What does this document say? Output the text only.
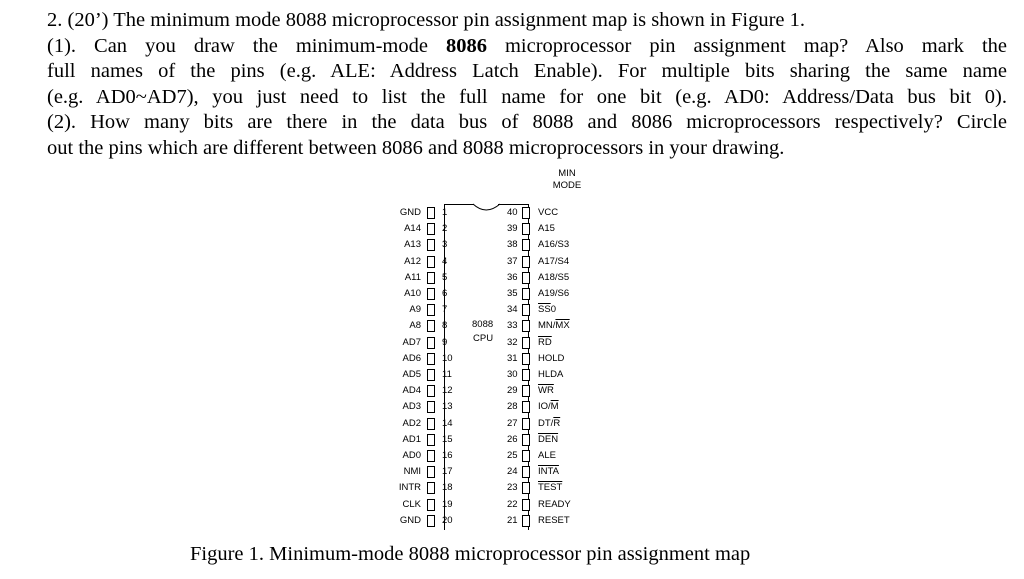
2. (20’) The minimum mode 8088 microprocessor pin assignment map is shown in Figure 1.

(1). Can you draw the minimum-mode 8086 microprocessor pin assignment map? Also mark the

full names of the pins (e.g. ALE: Address Latch Enable). For multiple bits sharing the same name

(e.g. AD0~AD7), you just need to list the full name for one bit (e.g. AD0: Address/Data bus bit 0).

(2). How many bits are there in the data bus of 8088 and 8086 microprocessors respectively? Circle

out the pins which are different between 8086 and 8088 microprocessors in your drawing.

MIN
MODE
8088
CPU
GND 1
A14 2
A13 3
A12 4
A11 5
A10 6
A9 7
A8 8
AD7 9
AD6 10
AD5 11
AD4 12
AD3 13
AD2 14
AD1 15
AD0 16
NMI 17
INTR 18
CLK 19
GND 20
40 VCC
39 A15
38 A16/S3
37 A17/S4
36 A18/S5
35 A19/S6
34 $\overline{SS}0$
33 $MN/\overline{MX}$
32 $\overline{RD}$
31 HOLD
30 HLDA
29 $\overline{WR}$
28 $IO/\overline{M}$
27 $DT/\overline{R}$
26 $\overline{DEN}$
25 ALE
24 INTA
23 TEST
22 READY
21 RESET
Figure 1. Minimum-mode 8088 microprocessor pin assignment map
